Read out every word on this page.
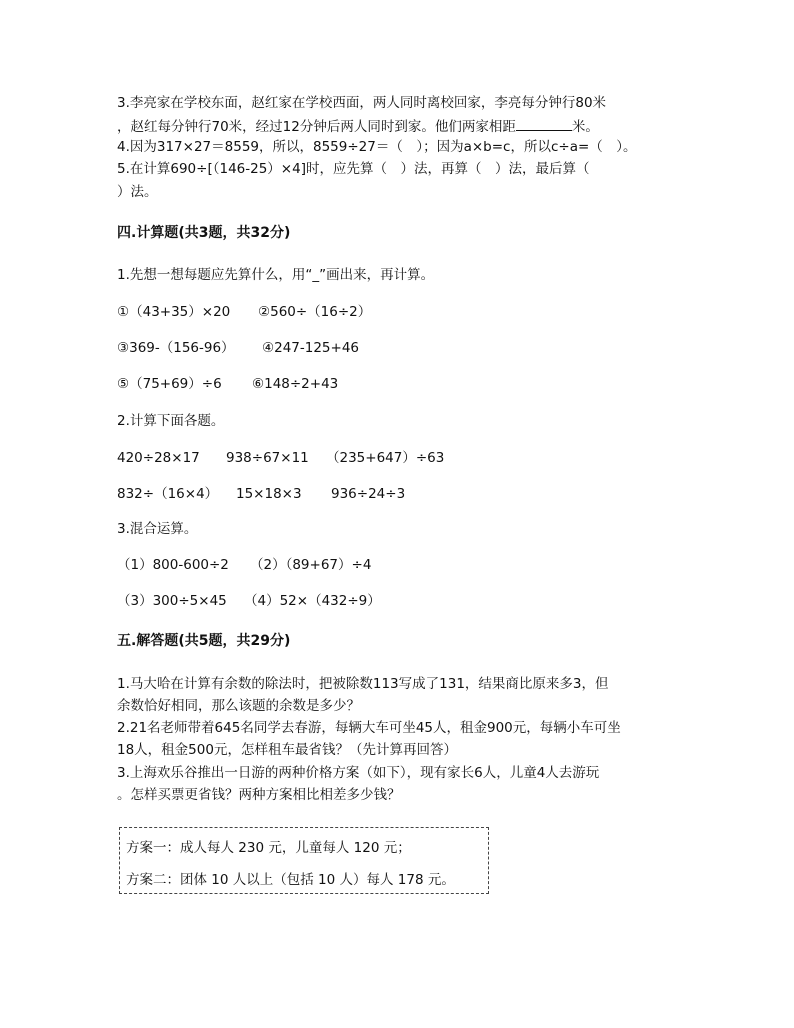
3.李亮家在学校东面，赵红家在学校西面，两人同时离校回家，李亮每分钟行80米
，赵红每分钟行70米，经过12分钟后两人同时到家。他们两家相距	米。
4.因为317×27＝8559，所以，8559÷27＝（　）；因为a×b=c，所以c÷a=（　）。
5.在计算690÷[（146-25）×4]时，应先算（　）法，再算（　）法，最后算（
）法。
四.计算题(共3题，共32分)
1.先想一想每题应先算什么，用“_”画出来，再计算。
①（43+35）×20 ②560÷（16÷2）
③369-（156-96） ④247-125+46
⑤（75+69）÷6 ⑥148÷2+43
2.计算下面各题。
420÷28×17 938÷67×11 （235+647）÷63
832÷（16×4） 15×18×3 936÷24÷3
3.混合运算。
（1）800-600÷2 （2）（89+67）÷4
（3）300÷5×45 （4）52×（432÷9）
五.解答题(共5题，共29分)
1.马大哈在计算有余数的除法时，把被除数113写成了131，结果商比原来多3，但
余数恰好相同，那么该题的余数是多少？
2.21名老师带着645名同学去春游，每辆大车可坐45人，租金900元，每辆小车可坐
18人，租金500元，怎样租车最省钱？（先计算再回答）
3.上海欢乐谷推出一日游的两种价格方案（如下），现有家长6人，儿童4人去游玩
。怎样买票更省钱？两种方案相比相差多少钱？
方案一：成人每人 230 元，儿童每人 120 元；
方案二：团体 10 人以上（包括 10 人）每人 178 元。
